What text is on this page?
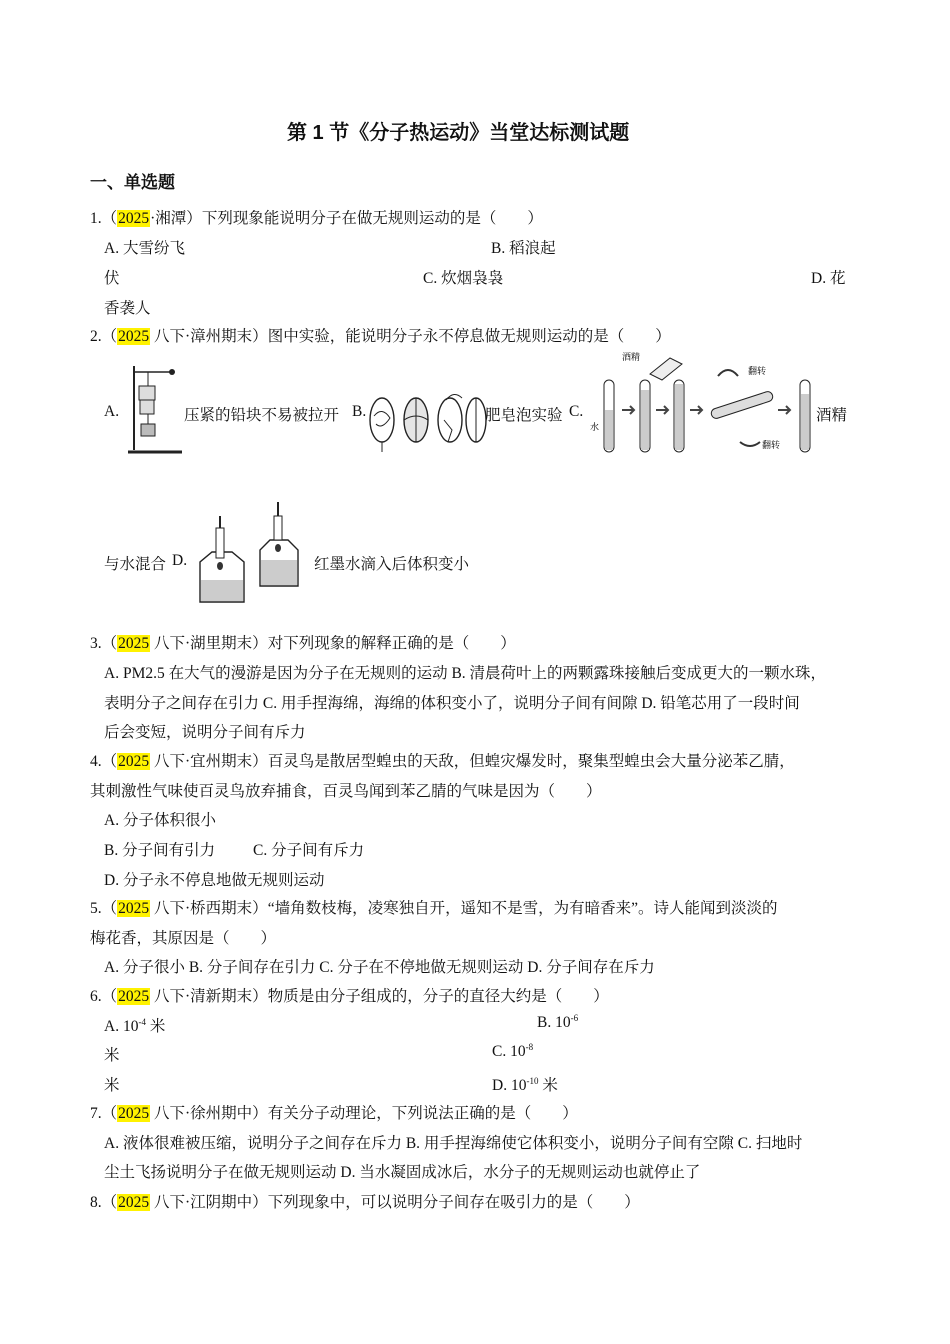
第 1 节《分子热运动》当堂达标测试题
一、单选题
1.（2025·湘潭）下列现象能说明分子在做无规则运动的是（　　）
A. 大雪纷飞	B. 稻浪起
伏	C. 炊烟袅袅	D. 花
香袭人
2.（2025 八下·漳州期末）图中实验，能说明分子永不停息做无规则运动的是（　　）
A.	压紧的铅块不易被拉开 B.	肥皂泡实验 C.
水
酒精
翻转
翻转
酒精
与水混合 D.	红墨水滴入后体积变小
3.（2025 八下·湖里期末）对下列现象的解释正确的是（　　）
A. PM2.5 在大气的漫游是因为分子在无规则的运动 B. 清晨荷叶上的两颗露珠接触后变成更大的一颗水珠，
表明分子之间存在引力 C. 用手捏海绵，海绵的体积变小了，说明分子间有间隙 D. 铅笔芯用了一段时间
后会变短，说明分子间有斥力
4.（2025 八下·宜州期末）百灵鸟是散居型蝗虫的天敌，但蝗灾爆发时，聚集型蝗虫会大量分泌苯乙腈，
其刺激性气味使百灵鸟放弃捕食，百灵鸟闻到苯乙腈的气味是因为（　　）
A. 分子体积很小
B. 分子间有引力 C. 分子间有斥力
D. 分子永不停息地做无规则运动
5.（2025 八下·桥西期末）“墙角数枝梅，凌寒独自开，遥知不是雪，为有暗香来”。诗人能闻到淡淡的
梅花香，其原因是（　　）
A. 分子很小 B. 分子间存在引力 C. 分子在不停地做无规则运动 D. 分子间存在斥力
6.（2025 八下·清新期末）物质是由分子组成的，分子的直径大约是（　　）
A. $10^{-4}$ 米	B. $10^{-6}$
米	C. $10^{-8}$
米	D. $10^{-10}$ 米
7.（2025 八下·徐州期中）有关分子动理论，下列说法正确的是（　　）
A. 液体很难被压缩，说明分子之间存在斥力 B. 用手捏海绵使它体积变小，说明分子间有空隙 C. 扫地时
尘土飞扬说明分子在做无规则运动 D. 当水凝固成冰后，水分子的无规则运动也就停止了
8.（2025 八下·江阴期中）下列现象中，可以说明分子间存在吸引力的是（　　）
